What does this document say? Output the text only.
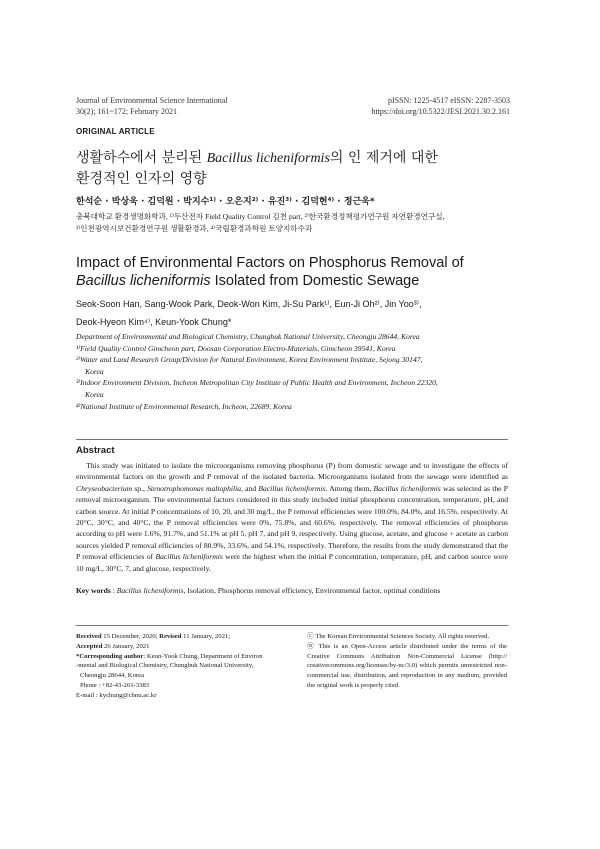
Journal of Environmental Science International
30(2); 161~172; February 2021
pISSN: 1225-4517 eISSN: 2287-3503
https://doi.org/10.5322/JESI.2021.30.2.161
ORIGINAL ARTICLE
생활하수에서 분리된 Bacillus licheniformis의 인 제거에 대한
환경적인 인자의 영향
한석순 · 박상욱 · 김덕원 · 박지수¹⁾ · 오은지²⁾ · 유진³⁾ · 김덕현⁴⁾ · 정근욱*
충북대학교 환경생명화학과, ¹⁾두산전자 Field Quality Control 김천 part, ²⁾한국환경정책평가연구원 자연환경연구실,
³⁾인천광역시보건환경연구원 생활환경과, ⁴⁾국립환경과학원 토양지하수과
Impact of Environmental Factors on Phosphorus Removal of
Bacillus licheniformis Isolated from Domestic Sewage
Seok-Soon Han, Sang-Wook Park, Deok-Won Kim, Ji-Su Park¹⁾, Eun-Ji Oh²⁾, Jin Yoo³⁾,
Deok-Hyeon Kim⁴⁾, Keun-Yook Chung*

Department of Environmental and Biological Chemistry, Chungbuk National University, Cheongju 28644, Korea

¹⁾Field Quality Control Gimcheon part, Doosan Corporation Electro-Materials, Gimcheon 39541, Korea

²⁾Water and Land Research Group/Division for Natural Environment, Korea Environment Institute, Sejong 30147,

Korea

³⁾Indoor Environment Division, Incheon Metropolitan City Institute of Public Health and Environment, Incheon 22320,

Korea

⁴⁾National Institute of Environmental Research, Incheon, 22689, Korea

Abstract
This study was initiated to isolate the microorganisms removing phosphorus (P) from domestic sewage and to investigate the effects of environmental factors on the growth and P removal of the isolated bacteria. Microorganisms isolated from the sewage were identified as Chryseobacterium sp., Stenotrophomonas maltophilia, and Bacillus licheniformis. Among them, Bacillus licheniformis was selected as the P removal microorganism. The environmental factors considered in this study included initial phosphorus concentration, temperature, pH, and carbon source. At initial P concentrations of 10, 20, and 30 mg/L, the P removal efficiencies were 100.0%, 84.0%, and 16.5%, respectively. At 20°C, 30°C, and 40°C, the P removal efficiencies were 0%, 75.8%, and 60.6%, respectively. The removal efficiencies of phosphorus according to pH were 1.6%, 91.7%, and 51.1% at pH 5, pH 7, and pH 9, respectively. Using glucose, acetate, and glucose + acetate as carbon sources yielded P removal efficiencies of 80.9%, 33.6%, and 54.1%, respectively. Therefore, the results from the study demonstrated that the P removal efficiencies of Bacillus licheniformis were the highest when the initial P concentration, temperature, pH, and carbon source were 10 mg/L, 30°C, 7, and glucose, respectively.
Key words : Bacillus licheniformis, Isolation, Phosphorus removal efficiency, Environmental factor, optimal conditions
Received 15 December, 2020; Revised 11 January, 2021;
Accepted 26 January, 2021
*Corresponding author: Keun-Yook Chung, Department of Environ
-mental and Biological Chemistry, Chungbuk National University,
Cheongju 28644, Korea
Phone : +82-43-261-3383
E-mail : kychung@cbnu.ac.kr
ⓒ The Korean Environmental Sciences Society. All rights reserved.
㉧ This is an Open-Access article distributed under the terms of the Creative Commons Attribution Non-Commercial License (http:// creativecommons.org/licenses/by-nc/3.0) which permits unrestricted non-commercial use, distribution, and reproduction in any medium, provided the original work is properly cited.
